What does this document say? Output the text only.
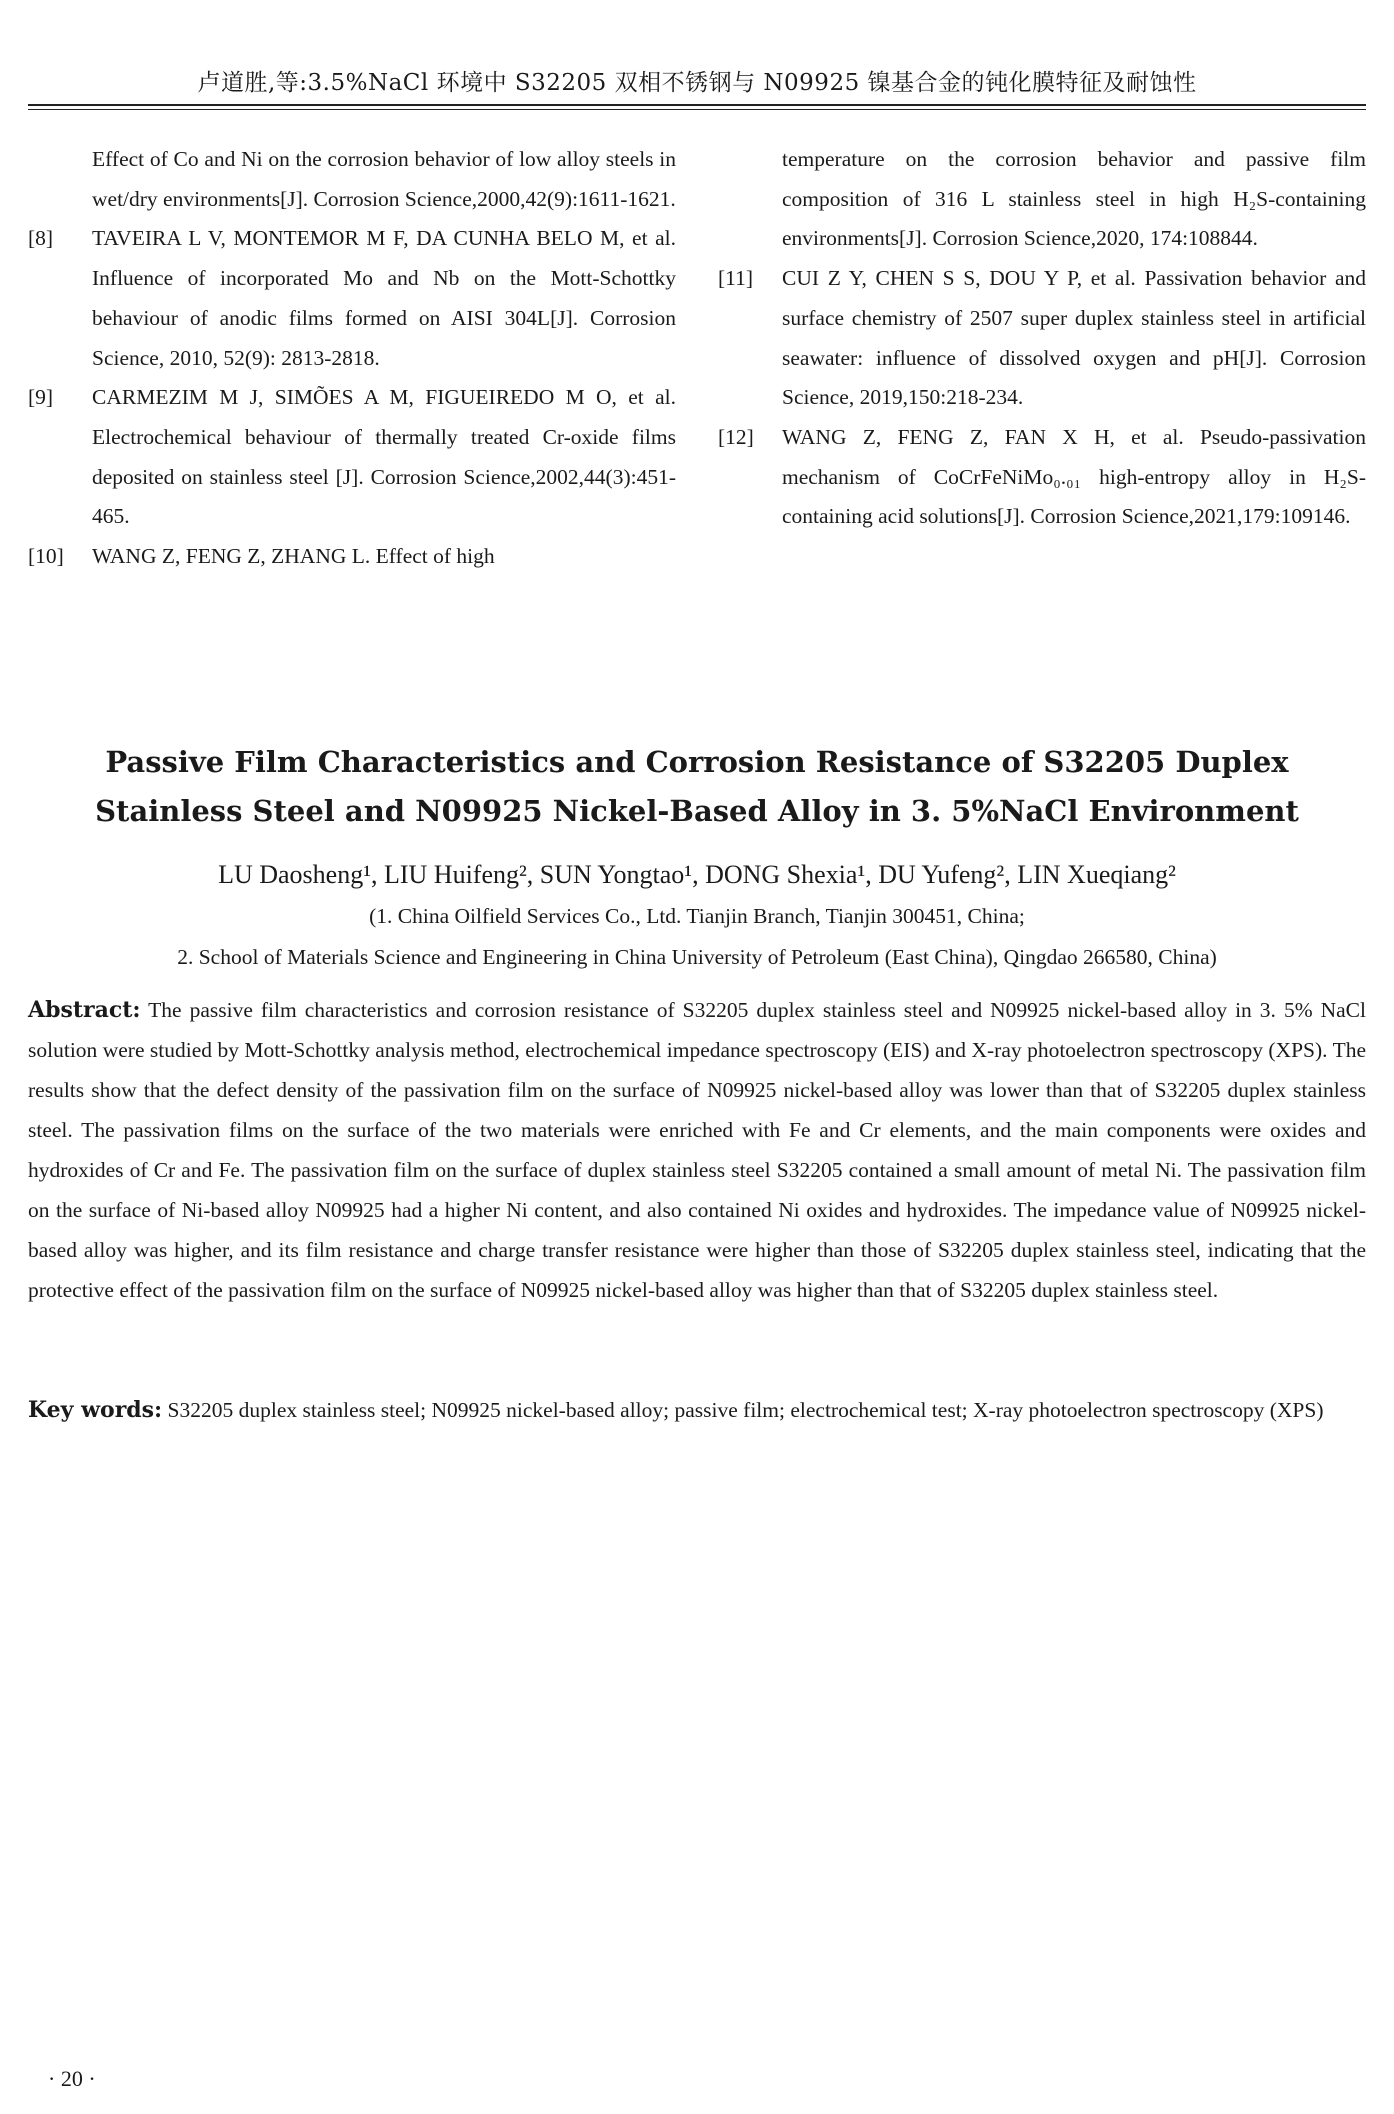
卢道胜,等:3.5%NaCl 环境中 S32205 双相不锈钢与 N09925 镍基合金的钝化膜特征及耐蚀性
Effect of Co and Ni on the corrosion behavior of low alloy steels in wet/dry environments[J]. Corrosion Science,2000,42(9):1611-1621.
[8] TAVEIRA L V, MONTEMOR M F, DA CUNHA BELO M, et al. Influence of incorporated Mo and Nb on the Mott-Schottky behaviour of anodic films formed on AISI 304L[J]. Corrosion Science, 2010, 52(9): 2813-2818.
[9] CARMEZIM M J, SIMÕES A M, FIGUEIREDO M O, et al. Electrochemical behaviour of thermally treated Cr-oxide films deposited on stainless steel [J]. Corrosion Science,2002,44(3):451-465.
[10] WANG Z, FENG Z, ZHANG L. Effect of high
temperature on the corrosion behavior and passive film composition of 316 L stainless steel in high H₂S-containing environments[J]. Corrosion Science,2020, 174:108844.
[11] CUI Z Y, CHEN S S, DOU Y P, et al. Passivation behavior and surface chemistry of 2507 super duplex stainless steel in artificial seawater: influence of dissolved oxygen and pH[J]. Corrosion Science, 2019,150:218-234.
[12] WANG Z, FENG Z, FAN X H, et al. Pseudo-passivation mechanism of CoCrFeNiMo₀.₀₁ high-entropy alloy in H₂S-containing acid solutions[J]. Corrosion Science,2021,179:109146.
Passive Film Characteristics and Corrosion Resistance of S32205 Duplex Stainless Steel and N09925 Nickel-Based Alloy in 3. 5%NaCl Environment
LU Daosheng¹, LIU Huifeng², SUN Yongtao¹, DONG Shexia¹, DU Yufeng², LIN Xueqiang²
(1. China Oilfield Services Co., Ltd. Tianjin Branch, Tianjin 300451, China;
2. School of Materials Science and Engineering in China University of Petroleum (East China), Qingdao 266580, China)
Abstract: The passive film characteristics and corrosion resistance of S32205 duplex stainless steel and N09925 nickel-based alloy in 3. 5% NaCl solution were studied by Mott-Schottky analysis method, electrochemical impedance spectroscopy (EIS) and X-ray photoelectron spectroscopy (XPS). The results show that the defect density of the passivation film on the surface of N09925 nickel-based alloy was lower than that of S32205 duplex stainless steel. The passivation films on the surface of the two materials were enriched with Fe and Cr elements, and the main components were oxides and hydroxides of Cr and Fe. The passivation film on the surface of duplex stainless steel S32205 contained a small amount of metal Ni. The passivation film on the surface of Ni-based alloy N09925 had a higher Ni content, and also contained Ni oxides and hydroxides. The impedance value of N09925 nickel-based alloy was higher, and its film resistance and charge transfer resistance were higher than those of S32205 duplex stainless steel, indicating that the protective effect of the passivation film on the surface of N09925 nickel-based alloy was higher than that of S32205 duplex stainless steel.
Key words: S32205 duplex stainless steel; N09925 nickel-based alloy; passive film; electrochemical test; X-ray photoelectron spectroscopy (XPS)
· 20 ·
